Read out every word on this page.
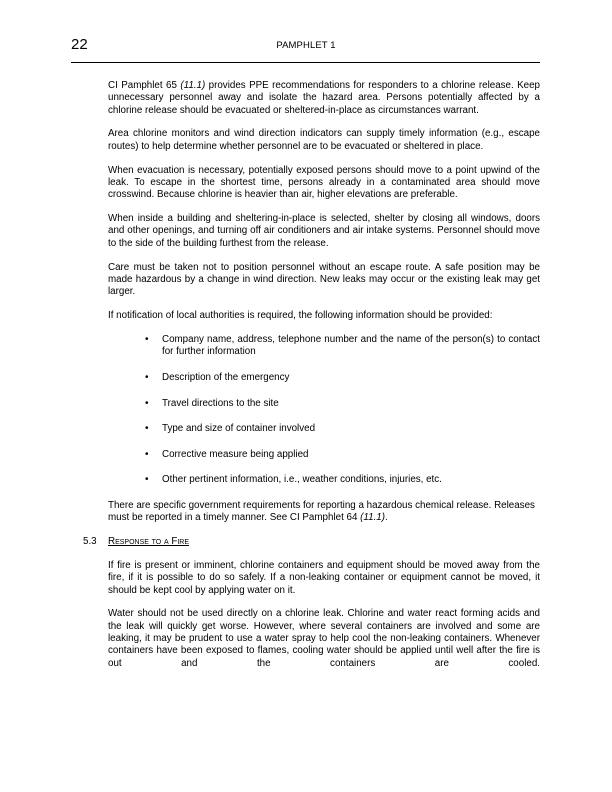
22	PAMPHLET 1

CI Pamphlet 65 (11.1) provides PPE recommendations for responders to a chlorine release. Keep unnecessary personnel away and isolate the hazard area. Persons potentially affected by a chlorine release should be evacuated or sheltered-in-place as circumstances warrant.

Area chlorine monitors and wind direction indicators can supply timely information (e.g., escape routes) to help determine whether personnel are to be evacuated or sheltered in place.

When evacuation is necessary, potentially exposed persons should move to a point upwind of the leak. To escape in the shortest time, persons already in a contaminated area should move crosswind. Because chlorine is heavier than air, higher elevations are preferable.

When inside a building and sheltering-in-place is selected, shelter by closing all windows, doors and other openings, and turning off air conditioners and air intake systems. Personnel should move to the side of the building furthest from the release.

Care must be taken not to position personnel without an escape route. A safe position may be made hazardous by a change in wind direction. New leaks may occur or the existing leak may get larger.

If notification of local authorities is required, the following information should be provided:

• Company name, address, telephone number and the name of the person(s) to contact for further information
• Description of the emergency
• Travel directions to the site
• Type and size of container involved
• Corrective measure being applied
• Other pertinent information, i.e., weather conditions, injuries, etc.

There are specific government requirements for reporting a hazardous chemical release. Releases must be reported in a timely manner. See CI Pamphlet 64 (11.1).

5.3 Response to a Fire

If fire is present or imminent, chlorine containers and equipment should be moved away from the fire, if it is possible to do so safely. If a non-leaking container or equipment cannot be moved, it should be kept cool by applying water on it.

Water should not be used directly on a chlorine leak. Chlorine and water react forming acids and the leak will quickly get worse. However, where several containers are involved and some are leaking, it may be prudent to use a water spray to help cool the non-leaking containers. Whenever containers have been exposed to flames, cooling water should be applied until well after the fire is out and the containers are cooled.
